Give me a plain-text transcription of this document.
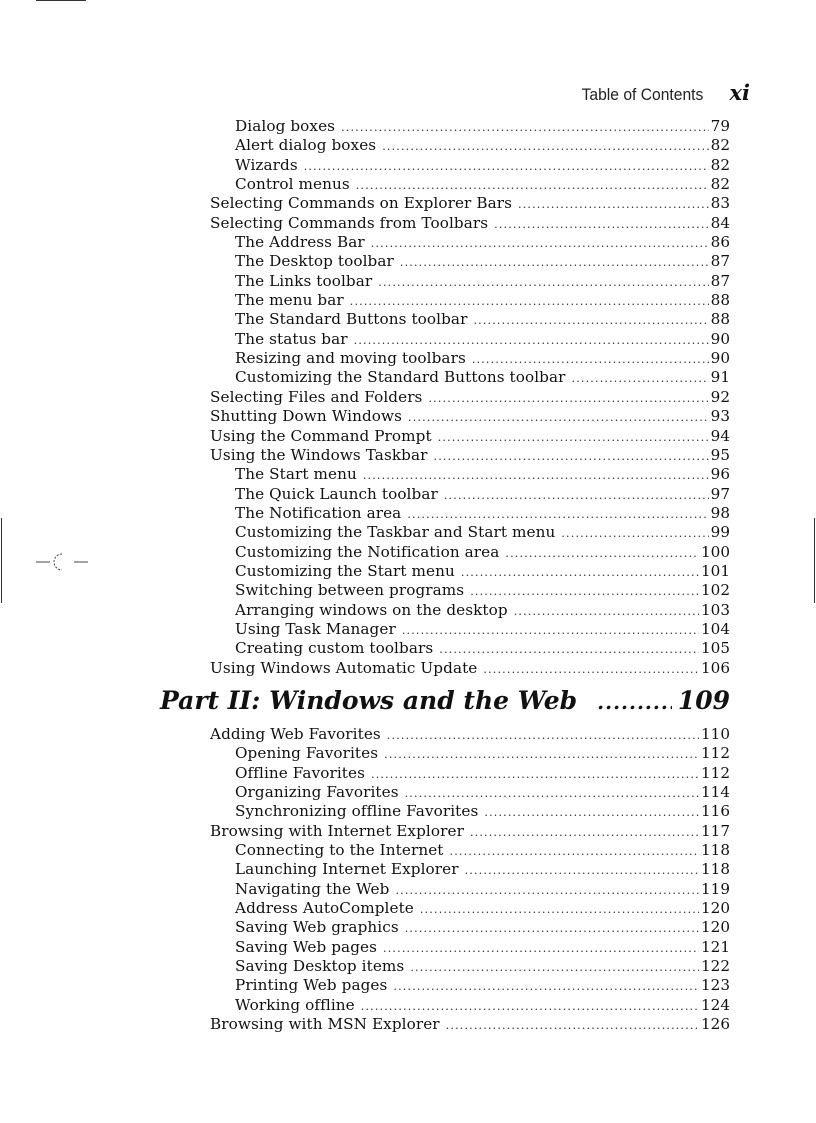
Table of Contents xi
Dialog boxes .....	79
Alert dialog boxes .....	82
Wizards .....	82
Control menus .....	82
Selecting Commands on Explorer Bars .....	83
Selecting Commands from Toolbars .....	84
The Address Bar .....	86
The Desktop toolbar .....	87
The Links toolbar .....	87
The menu bar .....	88
The Standard Buttons toolbar .....	88
The status bar .....	90
Resizing and moving toolbars .....	90
Customizing the Standard Buttons toolbar .....	91
Selecting Files and Folders .....	92
Shutting Down Windows .....	93
Using the Command Prompt .....	94
Using the Windows Taskbar .....	95
The Start menu .....	96
The Quick Launch toolbar .....	97
The Notification area .....	98
Customizing the Taskbar and Start menu .....	99
Customizing the Notification area .....	100
Customizing the Start menu .....	101
Switching between programs .....	102
Arranging windows on the desktop .....	103
Using Task Manager .....	104
Creating custom toolbars .....	105
Using Windows Automatic Update .....	106
Part II: Windows and the Web .....	109
Adding Web Favorites .....	110
Opening Favorites .....	112
Offline Favorites .....	112
Organizing Favorites .....	114
Synchronizing offline Favorites .....	116
Browsing with Internet Explorer .....	117
Connecting to the Internet .....	118
Launching Internet Explorer .....	118
Navigating the Web .....	119
Address AutoComplete .....	120
Saving Web graphics .....	120
Saving Web pages .....	121
Saving Desktop items .....	122
Printing Web pages .....	123
Working offline .....	124
Browsing with MSN Explorer .....	126
